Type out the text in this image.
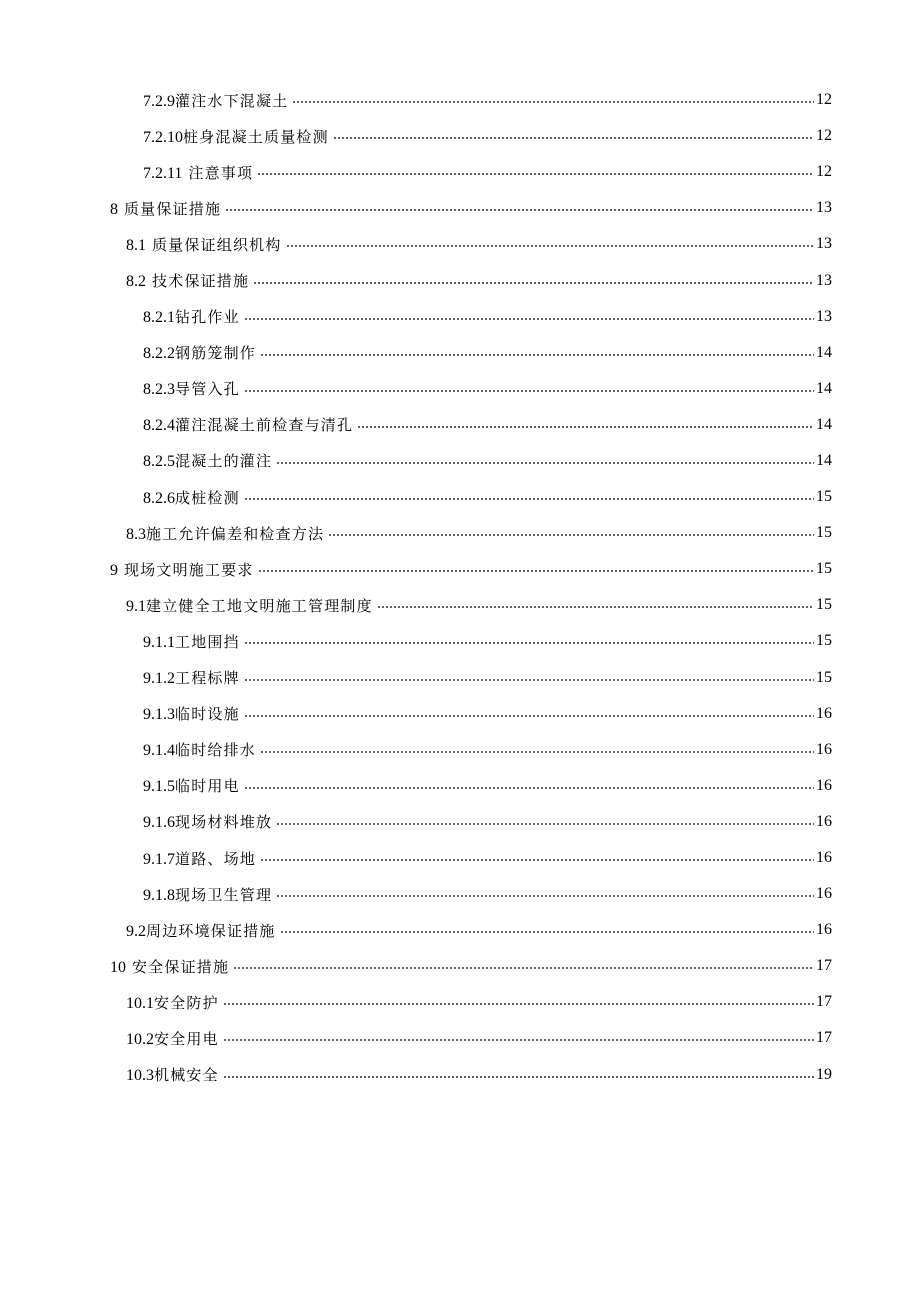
7.2.9灌注水下混凝土	12
7.2.10桩身混凝土质量检测	12
7.2.11 注意事项	12
8 质量保证措施	13
8.1 质量保证组织机构	13
8.2 技术保证措施	13
8.2.1钻孔作业	13
8.2.2钢筋笼制作	14
8.2.3导管入孔	14
8.2.4灌注混凝土前检查与清孔	14
8.2.5混凝土的灌注	14
8.2.6成桩检测	15
8.3施工允许偏差和检查方法	15
9 现场文明施工要求	15
9.1建立健全工地文明施工管理制度	15
9.1.1工地围挡	15
9.1.2工程标牌	15
9.1.3临时设施	16
9.1.4临时给排水	16
9.1.5临时用电	16
9.1.6现场材料堆放	16
9.1.7道路、场地	16
9.1.8现场卫生管理	16
9.2周边环境保证措施	16
10 安全保证措施	17
10.1安全防护	17
10.2安全用电	17
10.3机械安全	19
